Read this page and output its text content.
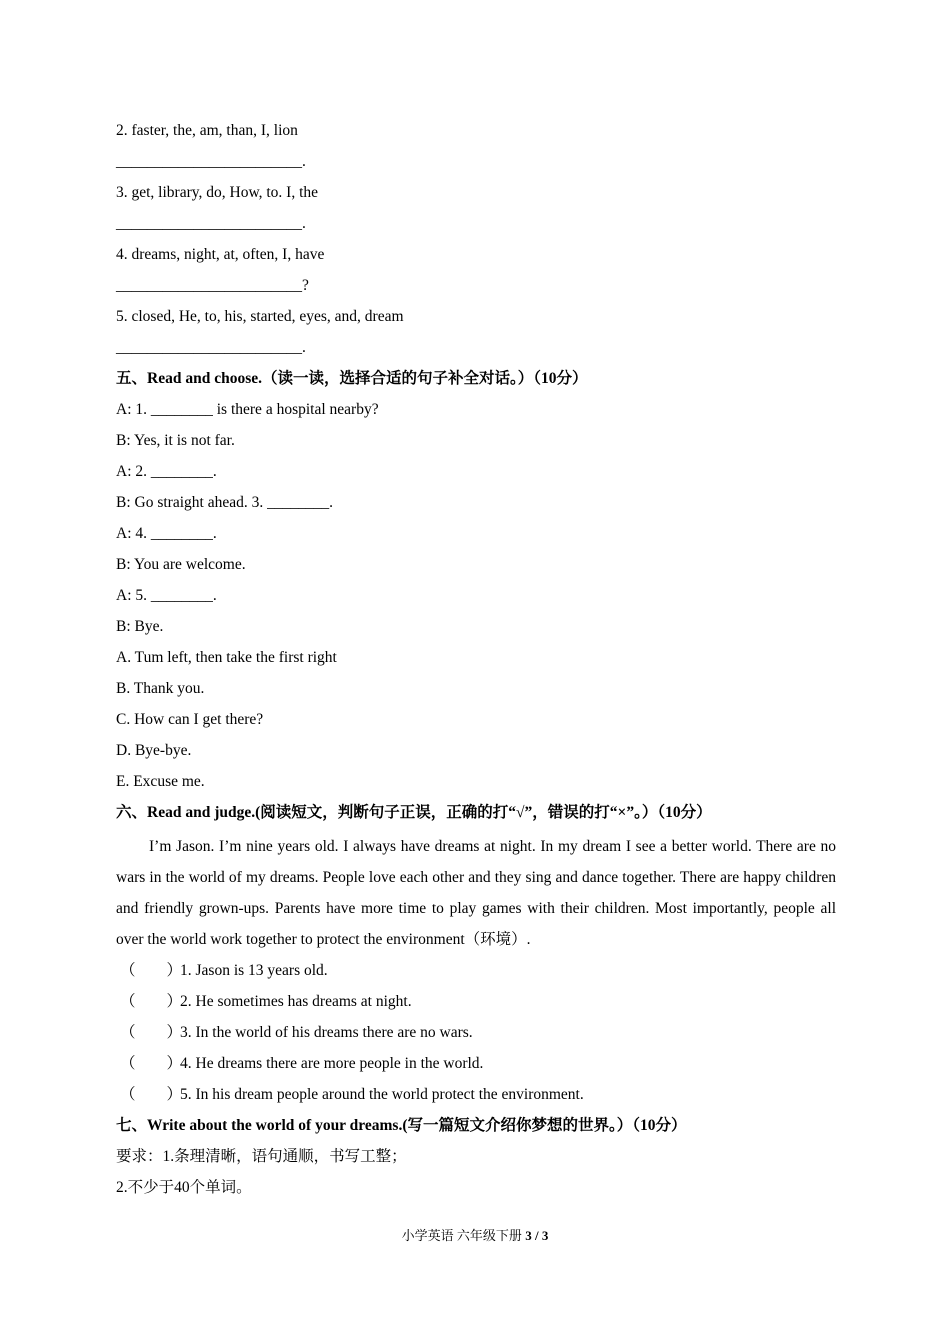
2. faster, the, am, than, I, lion
________________________.
3. get, library, do, How, to. I, the
________________________.
4. dreams, night, at, often, I, have
________________________?
5. closed, He, to, his, started, eyes, and, dream
________________________.
五、Read and choose.（读一读，选择合适的句子补全对话。）（10分）
A: 1. ________ is there a hospital nearby?
B: Yes, it is not far.
A: 2. ________.
B: Go straight ahead. 3. ________.
A: 4. ________.
B: You are welcome.
A: 5. ________.
B: Bye.
A. Tum left, then take the first right
B. Thank you.
C. How can I get there?
D. Bye-bye.
E. Excuse me.
六、Read and judge.(阅读短文，判断句子正误，正确的打“√”，错误的打“×”。）（10分）
I’m Jason. I’m nine years old. I always have dreams at night. In my dream I see a better world. There are no wars in the world of my dreams. People love each other and they sing and dance together. There are happy children and friendly grown-ups. Parents have more time to play games with their children. Most importantly, people all over the world work together to protect the environment（环境）.
（　　）1. Jason is 13 years old.
（　　）2. He sometimes has dreams at night.
（　　）3. In the world of his dreams there are no wars.
（　　）4. He dreams there are more people in the world.
（　　）5. In his dream people around the world protect the environment.
七、Write about the world of your dreams.(写一篇短文介绍你梦想的世界。）（10分）
要求：1.条理清晰，语句通顺，书写工整；
2.不少于40个单词。
小学英语 六年级下册 3 / 3
